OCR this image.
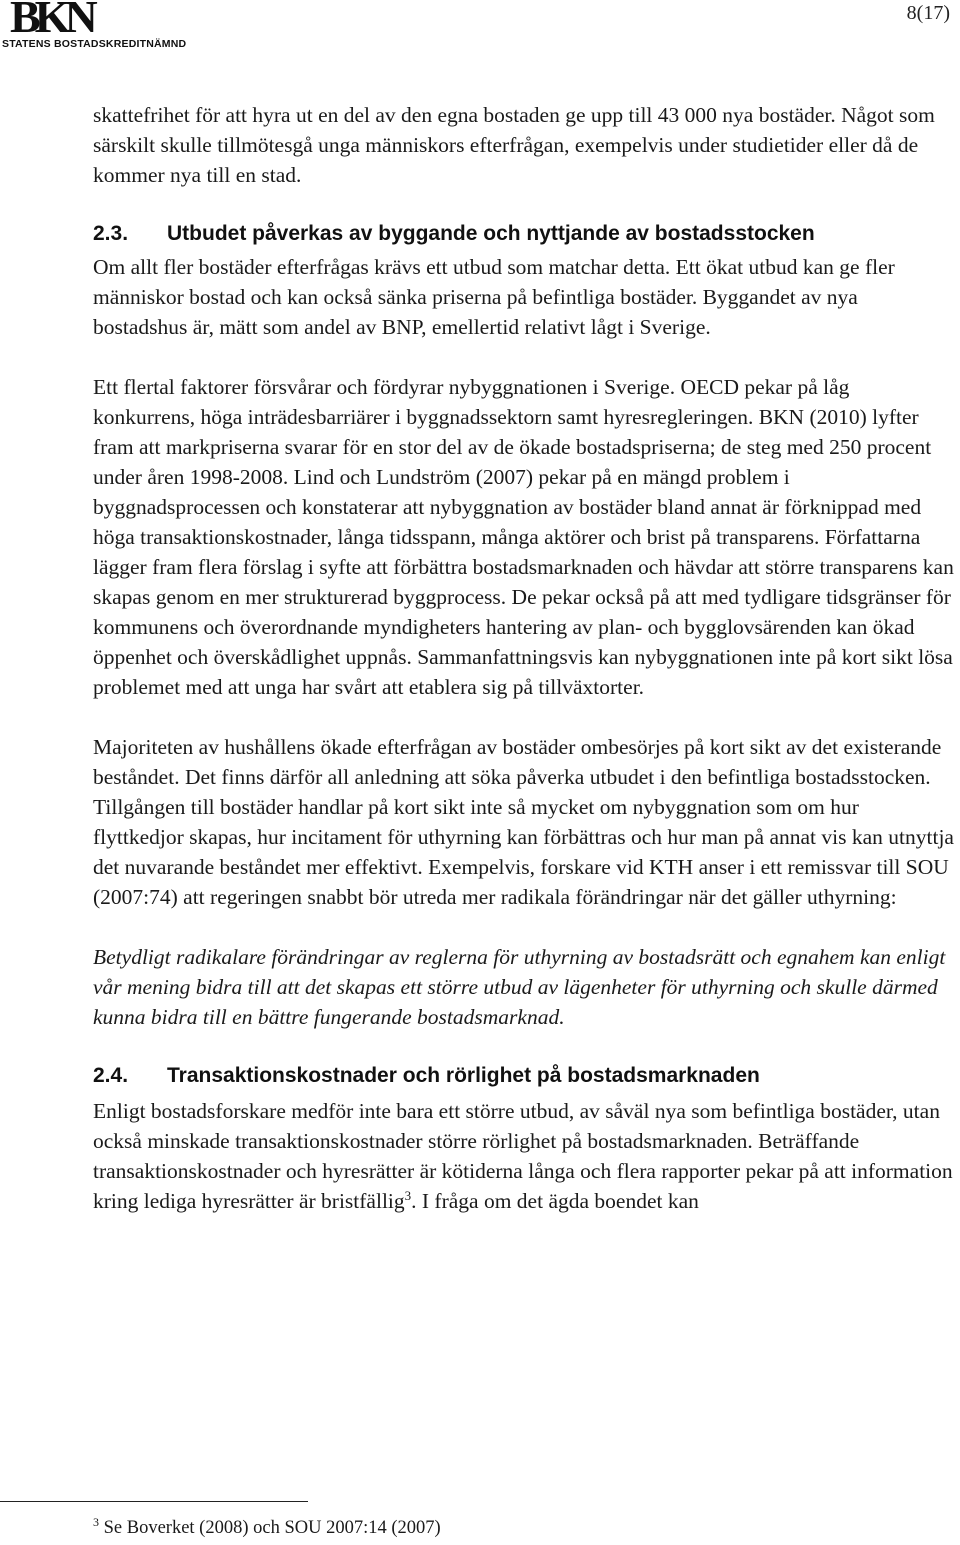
BKN
STATENS BOSTADSKREDITNÄMND
8(17)

skattefrihet för att hyra ut en del av den egna bostaden ge upp till 43 000 nya bostäder. Något som särskilt skulle tillmötesgå unga människors efterfrågan, exempelvis under studietider eller då de kommer nya till en stad.

2.3.	Utbudet påverkas av byggande och nyttjande av bostadsstocken

Om allt fler bostäder efterfrågas krävs ett utbud som matchar detta. Ett ökat utbud kan ge fler människor bostad och kan också sänka priserna på befintliga bostäder. Byggandet av nya bostadshus är, mätt som andel av BNP, emellertid relativt lågt i Sverige.

Ett flertal faktorer försvårar och fördyrar nybyggnationen i Sverige. OECD pekar på låg konkurrens, höga inträdesbarriärer i byggnadssektorn samt hyresregleringen. BKN (2010) lyfter fram att markpriserna svarar för en stor del av de ökade bostadspriserna; de steg med 250 procent under åren 1998-2008. Lind och Lundström (2007) pekar på en mängd problem i byggnadsprocessen och konstaterar att nybyggnation av bostäder bland annat är förknippad med höga transaktionskostnader, långa tidsspann, många aktörer och brist på transparens. Författarna lägger fram flera förslag i syfte att förbättra bostadsmarknaden och hävdar att större transparens kan skapas genom en mer strukturerad byggprocess. De pekar också på att med tydligare tidsgränser för kommunens och överordnande myndigheters hantering av plan- och bygglovsärenden kan ökad öppenhet och överskådlighet uppnås. Sammanfattningsvis kan nybyggnationen inte på kort sikt lösa problemet med att unga har svårt att etablera sig på tillväxtorter.

Majoriteten av hushållens ökade efterfrågan av bostäder ombesörjes på kort sikt av det existerande beståndet. Det finns därför all anledning att söka påverka utbudet i den befintliga bostadsstocken. Tillgången till bostäder handlar på kort sikt inte så mycket om nybyggnation som om hur flyttkedjor skapas, hur incitament för uthyrning kan förbättras och hur man på annat vis kan utnyttja det nuvarande beståndet mer effektivt. Exempelvis, forskare vid KTH anser i ett remissvar till SOU (2007:74) att regeringen snabbt bör utreda mer radikala förändringar när det gäller uthyrning:

Betydligt radikalare förändringar av reglerna för uthyrning av bostadsrätt och egnahem kan enligt vår mening bidra till att det skapas ett större utbud av lägenheter för uthyrning och skulle därmed kunna bidra till en bättre fungerande bostadsmarknad.

2.4.	Transaktionskostnader och rörlighet på bostadsmarknaden

Enligt bostadsforskare medför inte bara ett större utbud, av såväl nya som befintliga bostäder, utan också minskade transaktionskostnader större rörlighet på bostadsmarknaden. Beträffande transaktionskostnader och hyresrätter är kötiderna långa och flera rapporter pekar på att information kring lediga hyresrätter är bristfällig$^3$. I fråga om det ägda boendet kan

$^3$ Se Boverket (2008) och SOU 2007:14 (2007)
